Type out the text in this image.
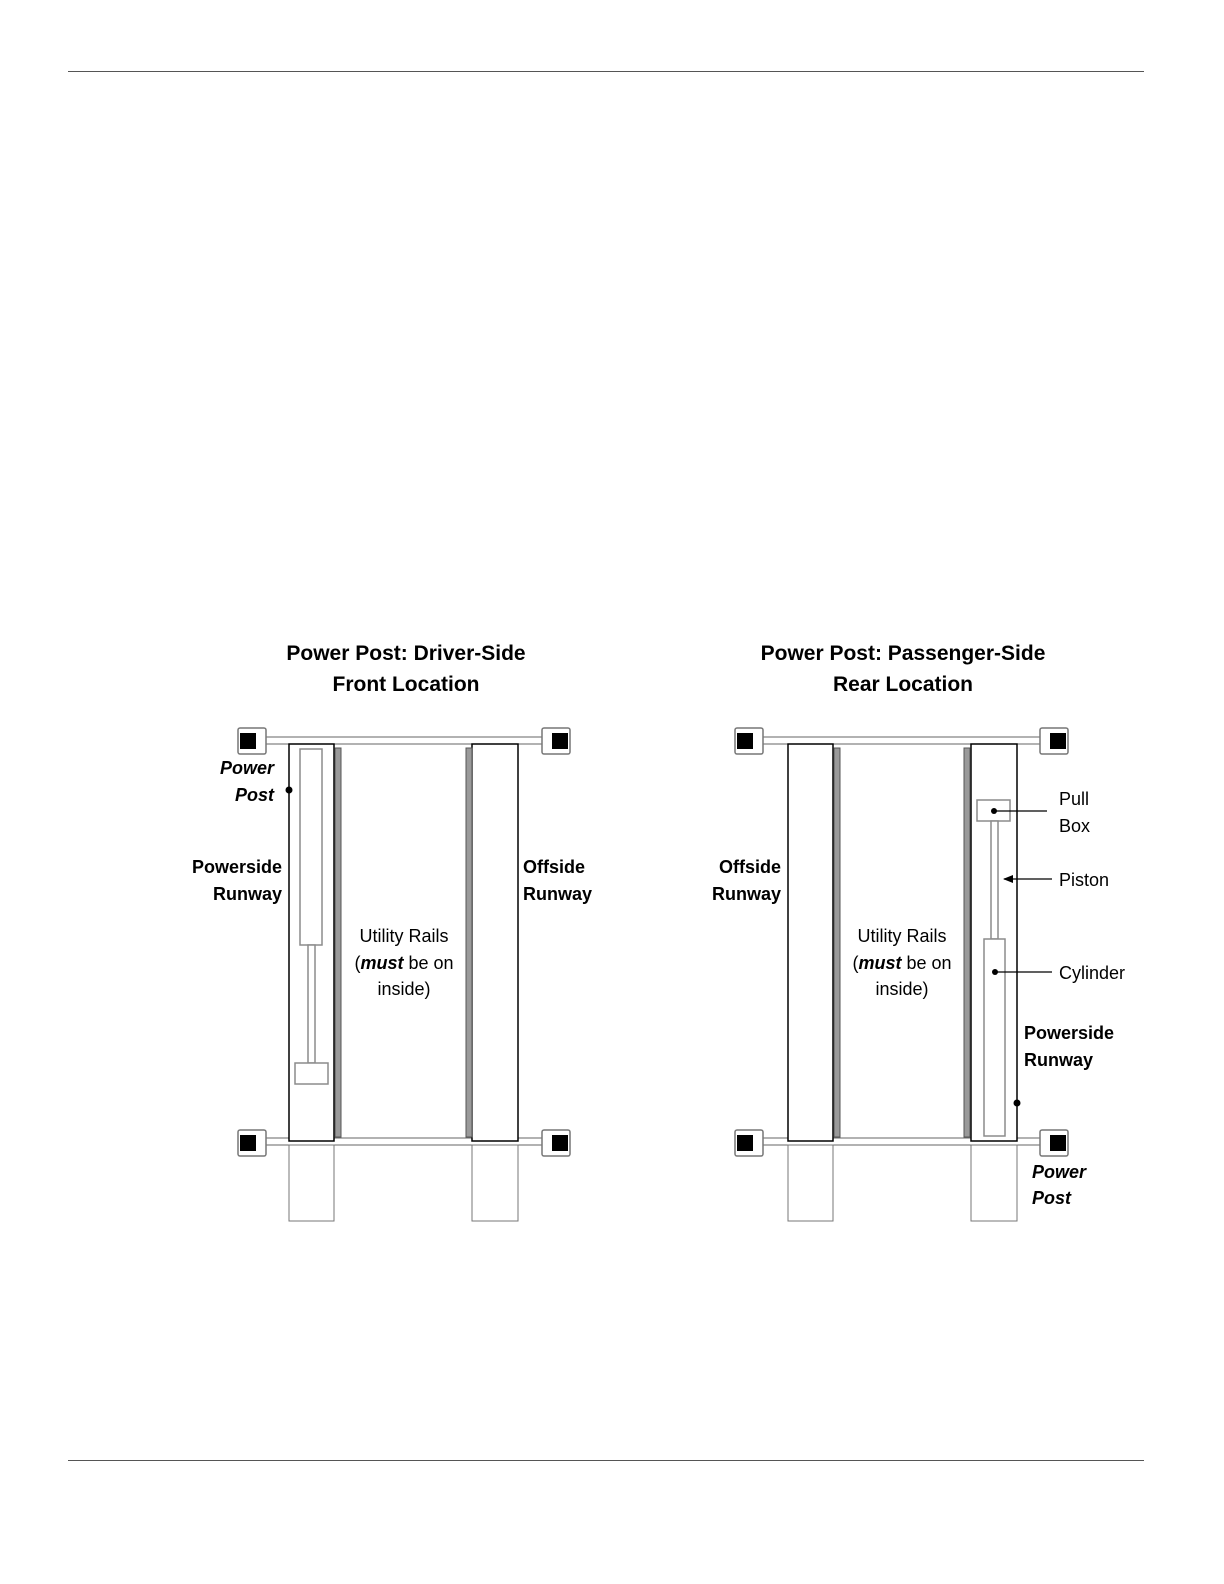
Power Post: Driver-Side
Front Location
Power
Post
Powerside
Runway
Offside
Runway
Utility Rails
(must be on
inside)
Power Post: Passenger-Side
Rear Location
Offside
Runway
Utility Rails
(must be on
inside)
Pull
Box
Piston
Cylinder
Powerside
Runway
Power
Post
